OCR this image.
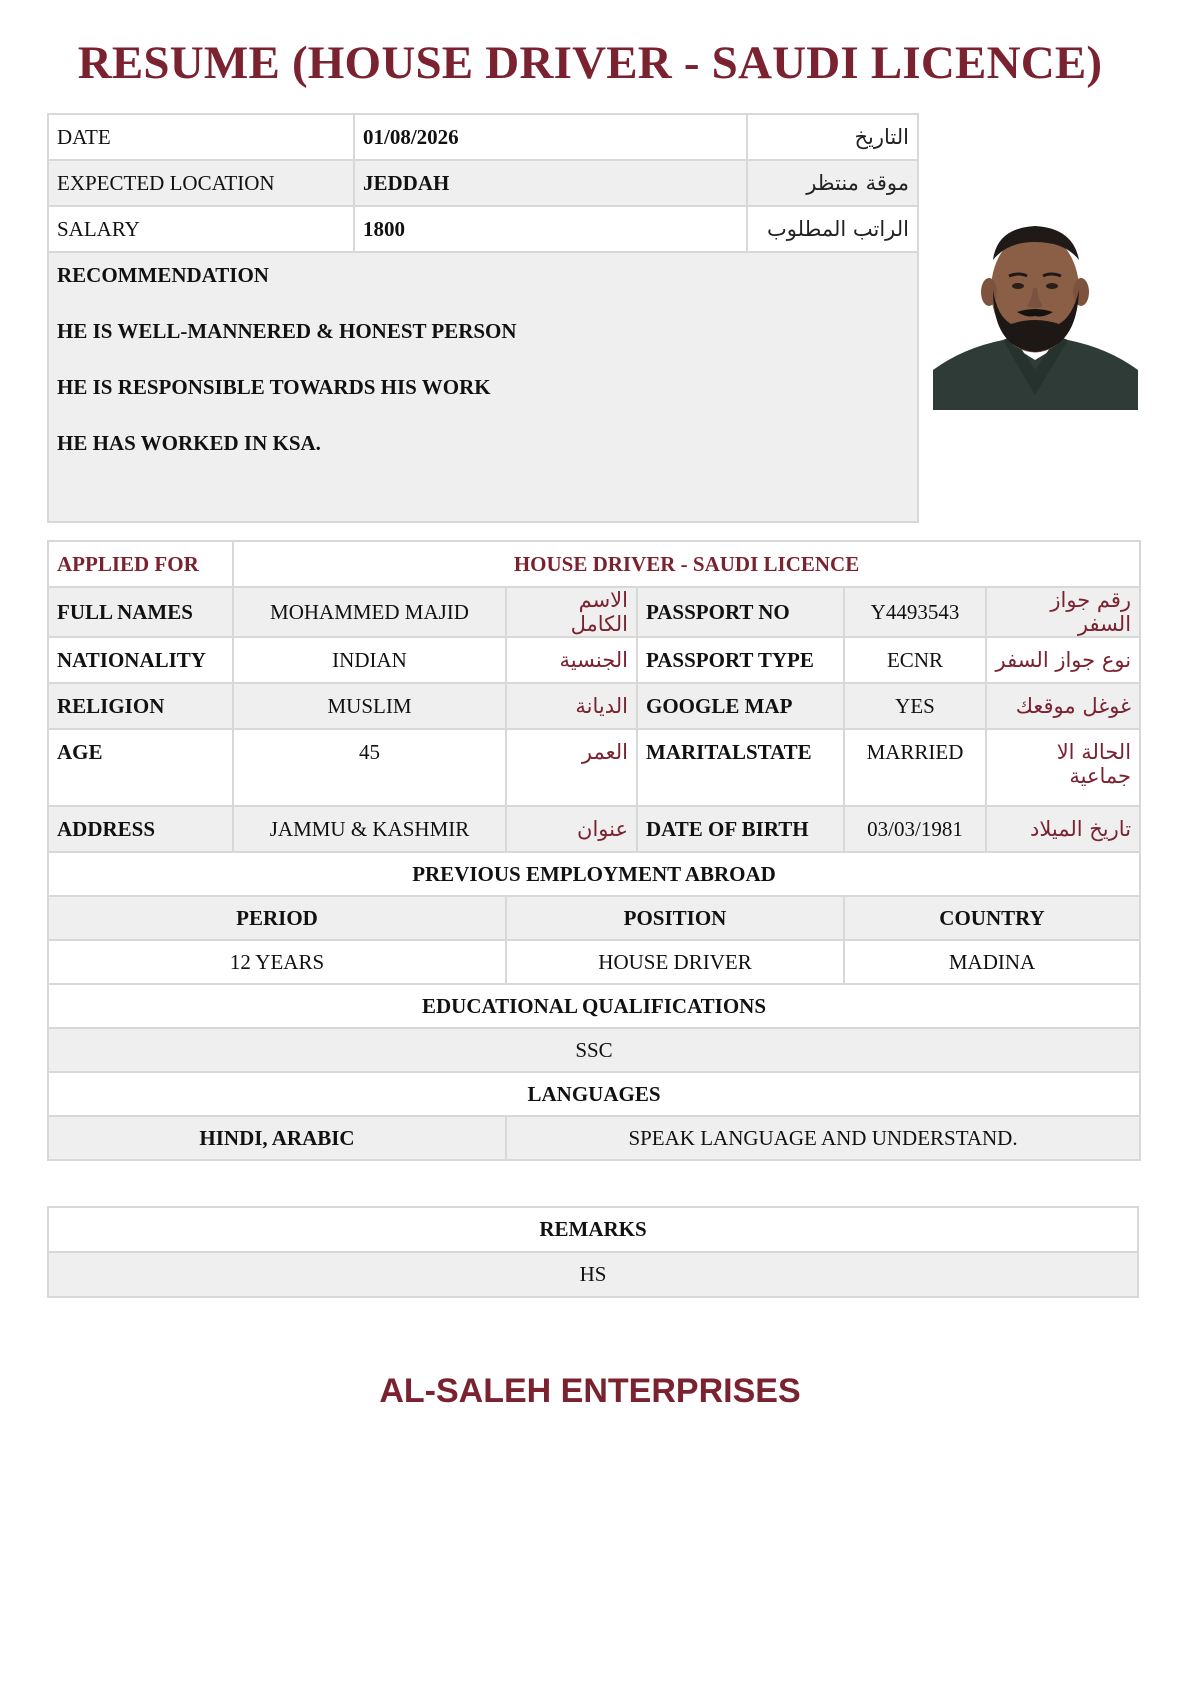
RESUME (HOUSE DRIVER - SAUDI LICENCE)
DATE	01/08/2026	التاريخ
EXPECTED LOCATION	JEDDAH	موقة منتظر
SALARY	1800	الراتب المطلوب

RECOMMENDATION
HE IS WELL-MANNERED & HONEST PERSON
HE IS RESPONSIBLE TOWARDS HIS WORK
HE HAS WORKED IN KSA.		
APPLIED FOR	HOUSE DRIVER - SAUDI LICENCE				
FULL NAMES	MOHAMMED MAJID	الاسم الكامل	PASSPORT NO	Y4493543	رقم جواز السفر
NATIONALITY	INDIAN	الجنسية	PASSPORT TYPE	ECNR	نوع جواز السفر
RELIGION	MUSLIM	الديانة	GOOGLE MAP	YES	غوغل موقعك
AGE	45	العمر	MARITALSTATE	MARRIED	الحالة الا جماعية
ADDRESS	JAMMU & KASHMIR	عنوان	DATE OF BIRTH	03/03/1981	تاريخ الميلاد
PREVIOUS EMPLOYMENT ABROAD					
PERIOD		POSITION		COUNTRY	
12 YEARS		HOUSE DRIVER		MADINA	
EDUCATIONAL QUALIFICATIONS					
SSC					
LANGUAGES					
HINDI, ARABIC		SPEAK LANGUAGE AND UNDERSTAND.			
REMARKS
HS
AL-SALEH ENTERPRISES
